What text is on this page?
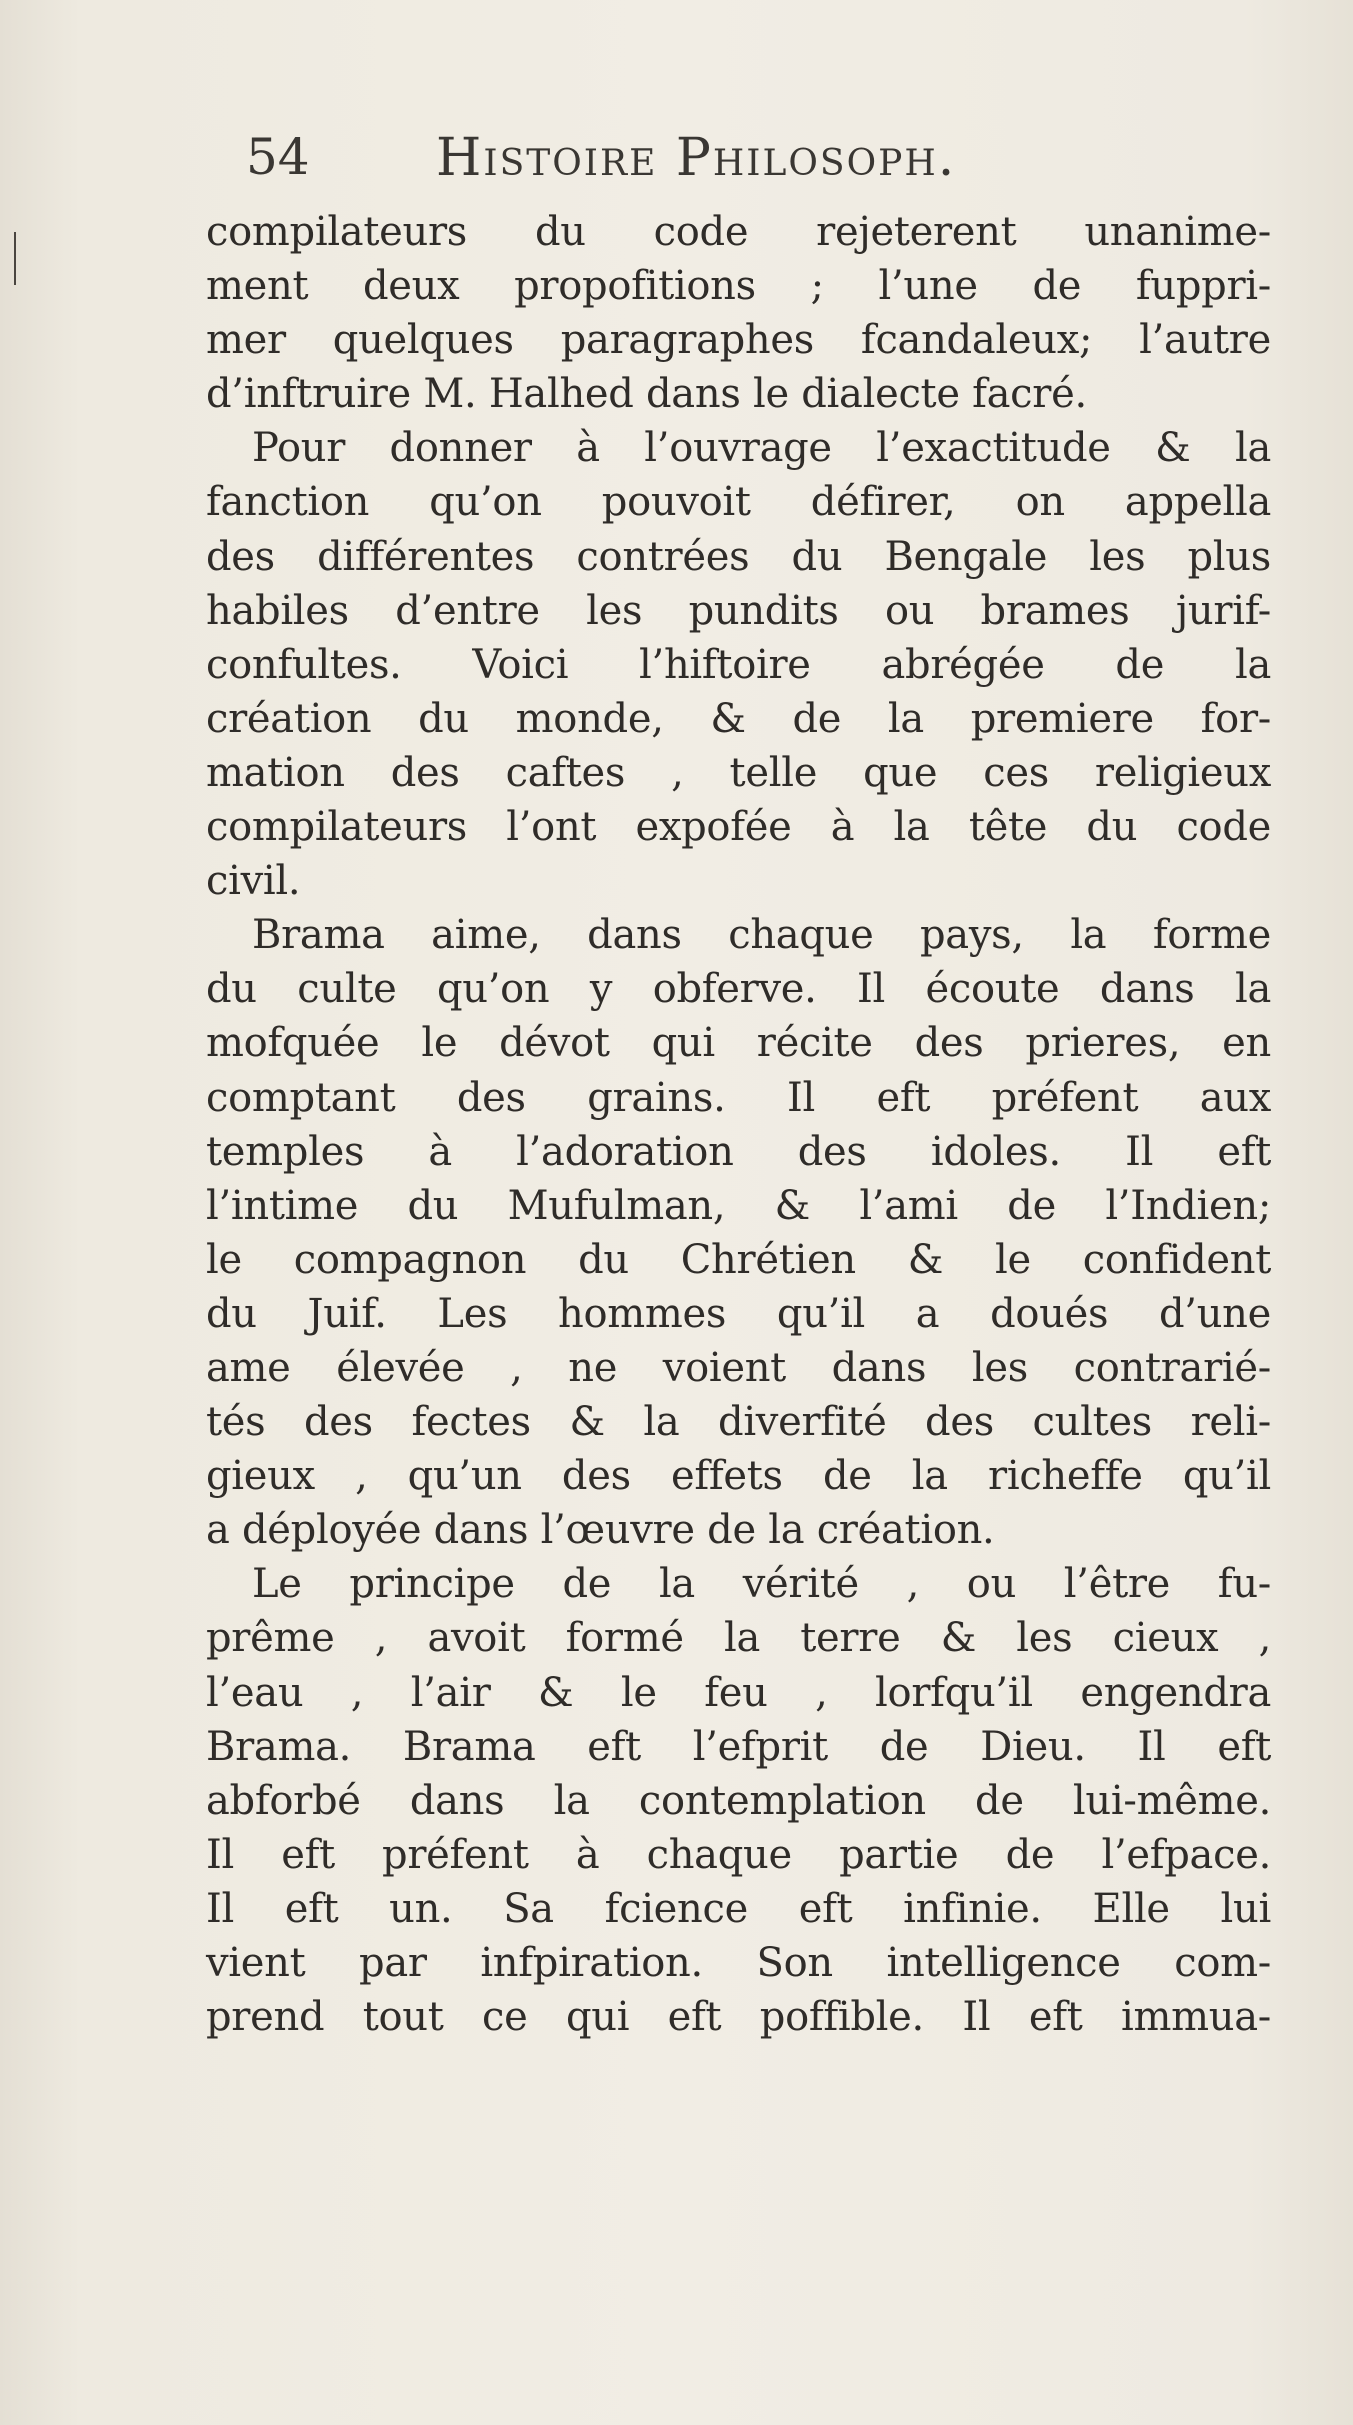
54 Histoire Philosoph.
compilateurs du code rejeterent unanime-
ment deux propofitions ; l’une de fuppri-
mer quelques paragraphes fcandaleux; l’autre
d’inftruire M. Halhed dans le dialecte facré.
Pour donner à l’ouvrage l’exactitude & la
fanction qu’on pouvoit défirer, on appella
des différentes contrées du Bengale les plus
habiles d’entre les pundits ou brames jurif-
confultes. Voici l’hiftoire abrégée de la
création du monde, & de la premiere for-
mation des caftes , telle que ces religieux
compilateurs l’ont expofée à la tête du code
civil.
Brama aime, dans chaque pays, la forme
du culte qu’on y obferve. Il écoute dans la
mofquée le dévot qui récite des prieres, en
comptant des grains. Il eft préfent aux
temples à l’adoration des idoles. Il eft
l’intime du Mufulman, & l’ami de l’Indien;
le compagnon du Chrétien & le confident
du Juif. Les hommes qu’il a doués d’une
ame élevée , ne voient dans les contrarié-
tés des fectes & la diverfité des cultes reli-
gieux , qu’un des effets de la richeffe qu’il
a déployée dans l’œuvre de la création.
Le principe de la vérité , ou l’être fu-
prême , avoit formé la terre & les cieux ,
l’eau , l’air & le feu , lorfqu’il engendra
Brama. Brama eft l’efprit de Dieu. Il eft
abforbé dans la contemplation de lui-même.
Il eft préfent à chaque partie de l’efpace.
Il eft un. Sa fcience eft infinie. Elle lui
vient par infpiration. Son intelligence com-
prend tout ce qui eft poffible. Il eft immua-
